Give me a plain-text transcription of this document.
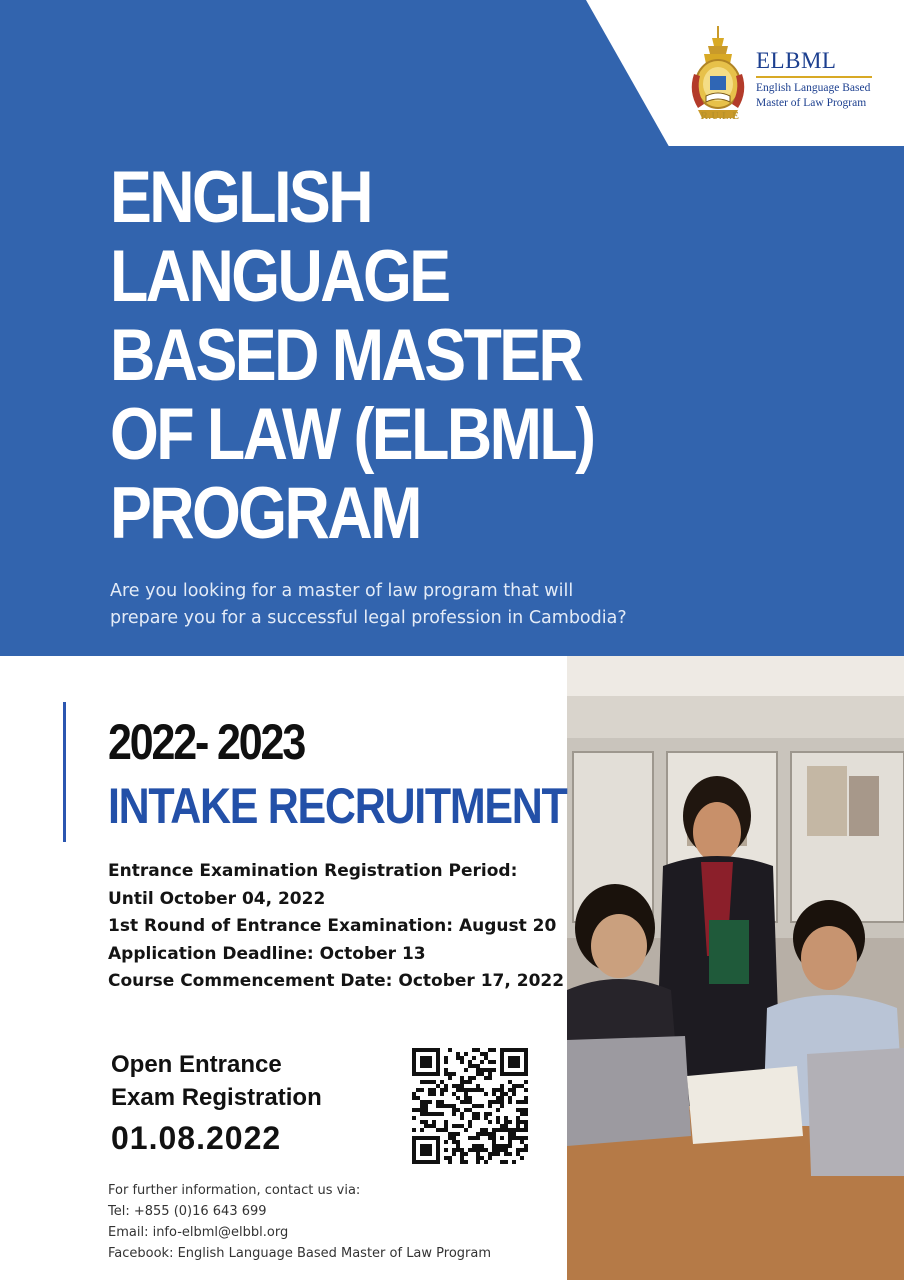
ELBML
English Language Based
Master of Law Program
R.U.L.E
ENGLISH
LANGUAGE
BASED MASTER
OF LAW (ELBML)
PROGRAM
Are you looking for a master of law program that will
prepare you for a successful legal profession in Cambodia?
2022- 2023
INTAKE RECRUITMENT
Entrance Examination Registration Period:
Until October 04, 2022
1st Round of Entrance Examination: August 20
Application Deadline: October 13
Course Commencement Date: October 17, 2022
Open Entrance
Exam Registration
01.08.2022
For further information, contact us via:
Tel: +855 (0)16 643 699
Email: info-elbml@elbbl.org
Facebook: English Language Based Master of Law Program
